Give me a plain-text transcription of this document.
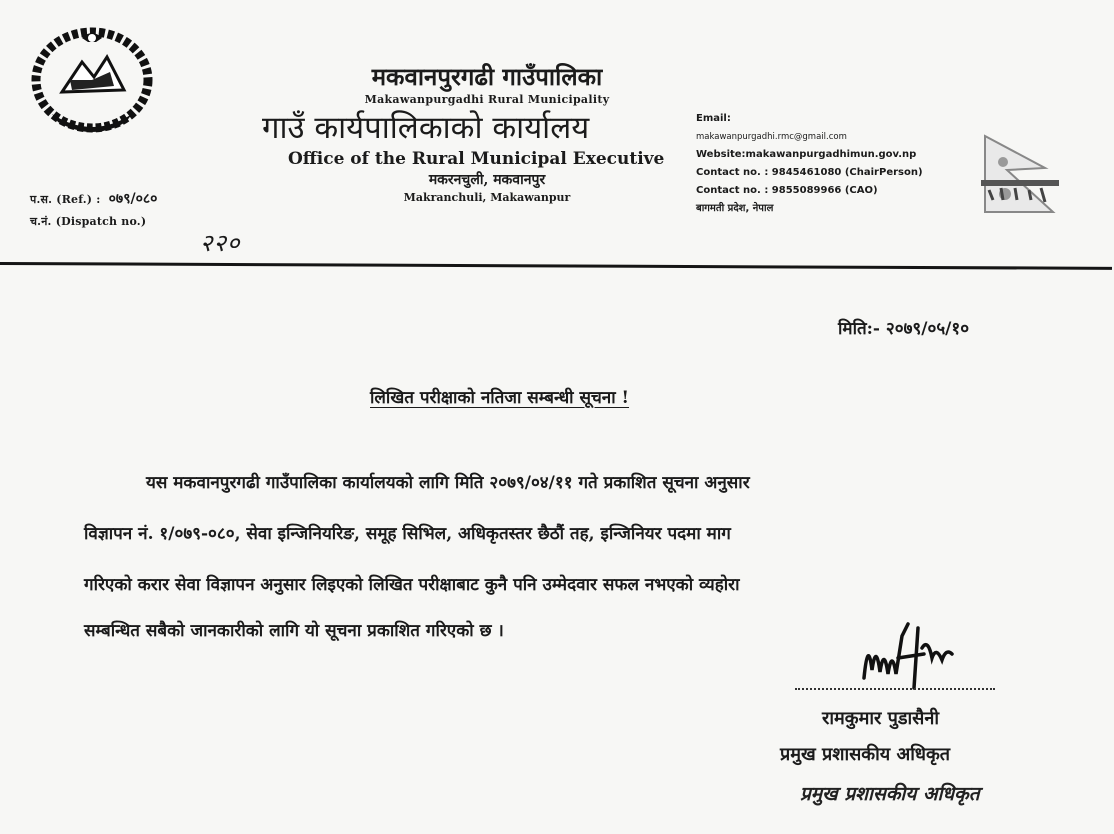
प.स. (Ref.) : ०७९/०८०
च.नं. (Dispatch no.)
२२०
मकवानपुरगढी गाउँपालिका
Makawanpurgadhi Rural Municipality
गाउँ कार्यपालिकाको कार्यालय
Office of the Rural Municipal Executive
मकरनचुली, मकवानपुर
Makranchuli, Makawanpur
Email:
makawanpurgadhi.rmc@gmail.com
Website:makawanpurgadhimun.gov.np
Contact no. : 9845461080 (ChairPerson)
Contact no. : 9855089966 (CAO)
बागमती प्रदेश, नेपाल
मिति:- २०७९/०५/१०
लिखित परीक्षाको नतिजा सम्बन्धी सूचना !
यस मकवानपुरगढी गाउँपालिका कार्यालयको लागि मिति २०७९/०४/११ गते प्रकाशित सूचना अनुसार
विज्ञापन नं. १/०७९-०८०, सेवा इन्जिनियरिङ, समूह सिभिल, अधिकृतस्तर छैठौं तह, इन्जिनियर पदमा माग
गरिएको करार सेवा विज्ञापन अनुसार लिइएको लिखित परीक्षाबाट कुनै पनि उम्मेदवार सफल नभएको व्यहोरा
सम्बन्धित सबैको जानकारीको लागि यो सूचना प्रकाशित गरिएको छ ।
रामकुमार पुडासैनी
प्रमुख प्रशासकीय अधिकृत
प्रमुख प्रशासकीय अधिकृत
